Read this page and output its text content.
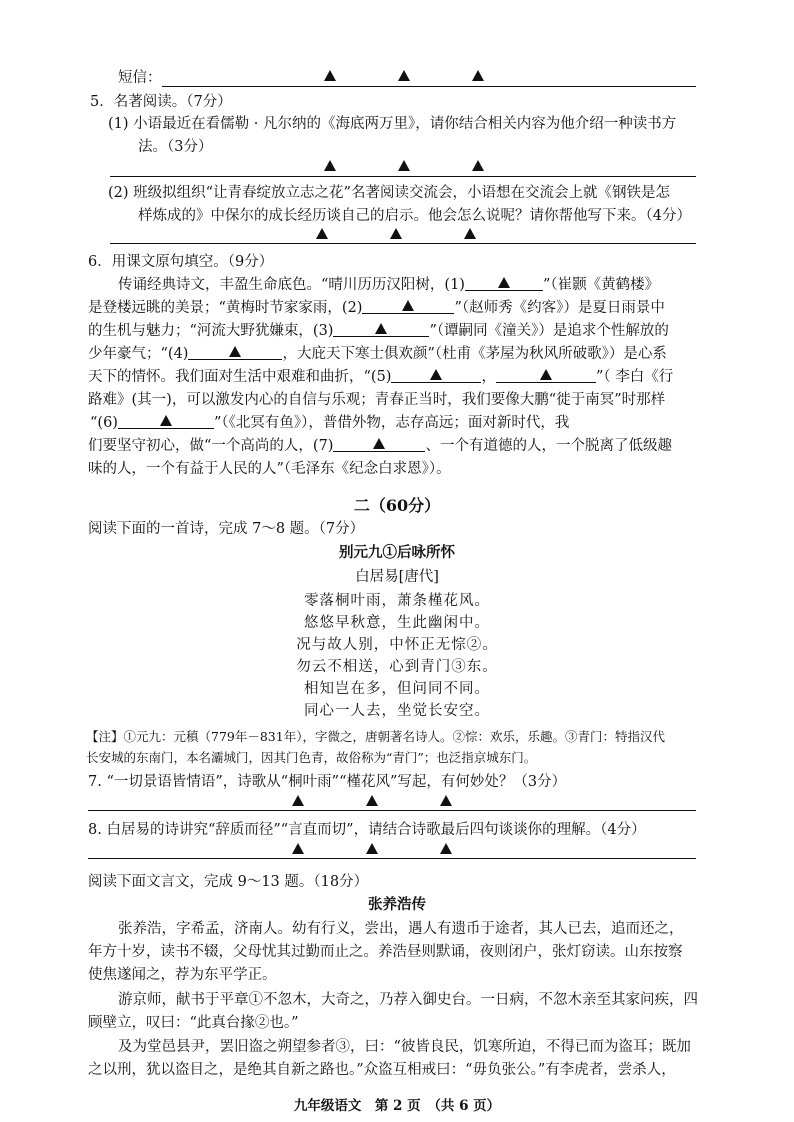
短信：
5．名著阅读。（7分）
(1) 小语最近在看儒勒 · 凡尔纳的《海底两万里》，请你结合相关内容为他介绍一种读书方
法。（3分）
(2) 班级拟组织“让青春绽放立志之花”名著阅读交流会，小语想在交流会上就《钢铁是怎
样炼成的》中保尔的成长经历谈自己的启示。他会怎么说呢？请你帮他写下来。（4分）
6．用课文原句填空。（9分）
传诵经典诗文，丰盈生命底色。“晴川历历汉阳树，(1)	”（崔颢《黄鹤楼》
是登楼远眺的美景；“黄梅时节家家雨，(2)	”（赵师秀《约客》）是夏日雨景中
的生机与魅力；“河流大野犹嫌束，(3)	”（谭嗣同《潼关》）是追求个性解放的
少年豪气；“(4)	，大庇天下寒士俱欢颜”（杜甫《茅屋为秋风所破歌》）是心系
天下的情怀。我们面对生活中艰难和曲折，“(5)	，	”（ 李白《行
路难》(其一)，可以激发内心的自信与乐观；青春正当时，我们要像大鹏“徙于南冥”时那样
“(6)	”（《北冥有鱼》），普借外物，志存高远；面对新时代，我
们要坚守初心，做“一个高尚的人，(7)	、一个有道德的人，一个脱离了低级趣
味的人，一个有益于人民的人”（毛泽东《纪念白求恩》）。
二（60分）
阅读下面的一首诗，完成 7～8 题。（7分）
别元九①后咏所怀
白居易[唐代]
零落桐叶雨，萧条槿花风。
悠悠早秋意，生此幽闲中。
况与故人别，中怀正无悰②。
勿云不相送，心到青门③东。
相知岂在多，但问同不同。
同心一人去，坐觉长安空。
【注】①元九：元稹（779年－831年），字微之，唐朝著名诗人。②悰：欢乐，乐趣。③青门：特指汉代
长安城的东南门，本名灞城门，因其门色青，故俗称为“青门”；也泛指京城东门。
7. “一切景语皆情语”，诗歌从“桐叶雨”“槿花风”写起，有何妙处？（3分）
8. 白居易的诗讲究“辞质而径”“言直而切”，请结合诗歌最后四句谈谈你的理解。（4分）
阅读下面文言文，完成 9～13 题。（18分）
张养浩传
张养浩，字希孟，济南人。幼有行义，尝出，遇人有遗币于途者，其人已去，追而还之，
年方十岁，读书不辍，父母忧其过勤而止之。养浩昼则默诵，夜则闭户，张灯窃读。山东按察
使焦遂闻之，荐为东平学正。
游京师，献书于平章①不忽木，大奇之，乃荐入御史台。一日病，不忽木亲至其家问疾，四
顾壁立，叹曰：“此真台掾②也。”
及为堂邑县尹，罢旧盗之朔望参者③，曰：“彼皆良民，饥寒所迫，不得已而为盗耳；既加
之以刑，犹以盗目之，是绝其自新之路也。”众盗互相戒曰：“毋负张公。”有李虎者，尝杀人，
九年级语文　第 2 页　（共 6 页）
